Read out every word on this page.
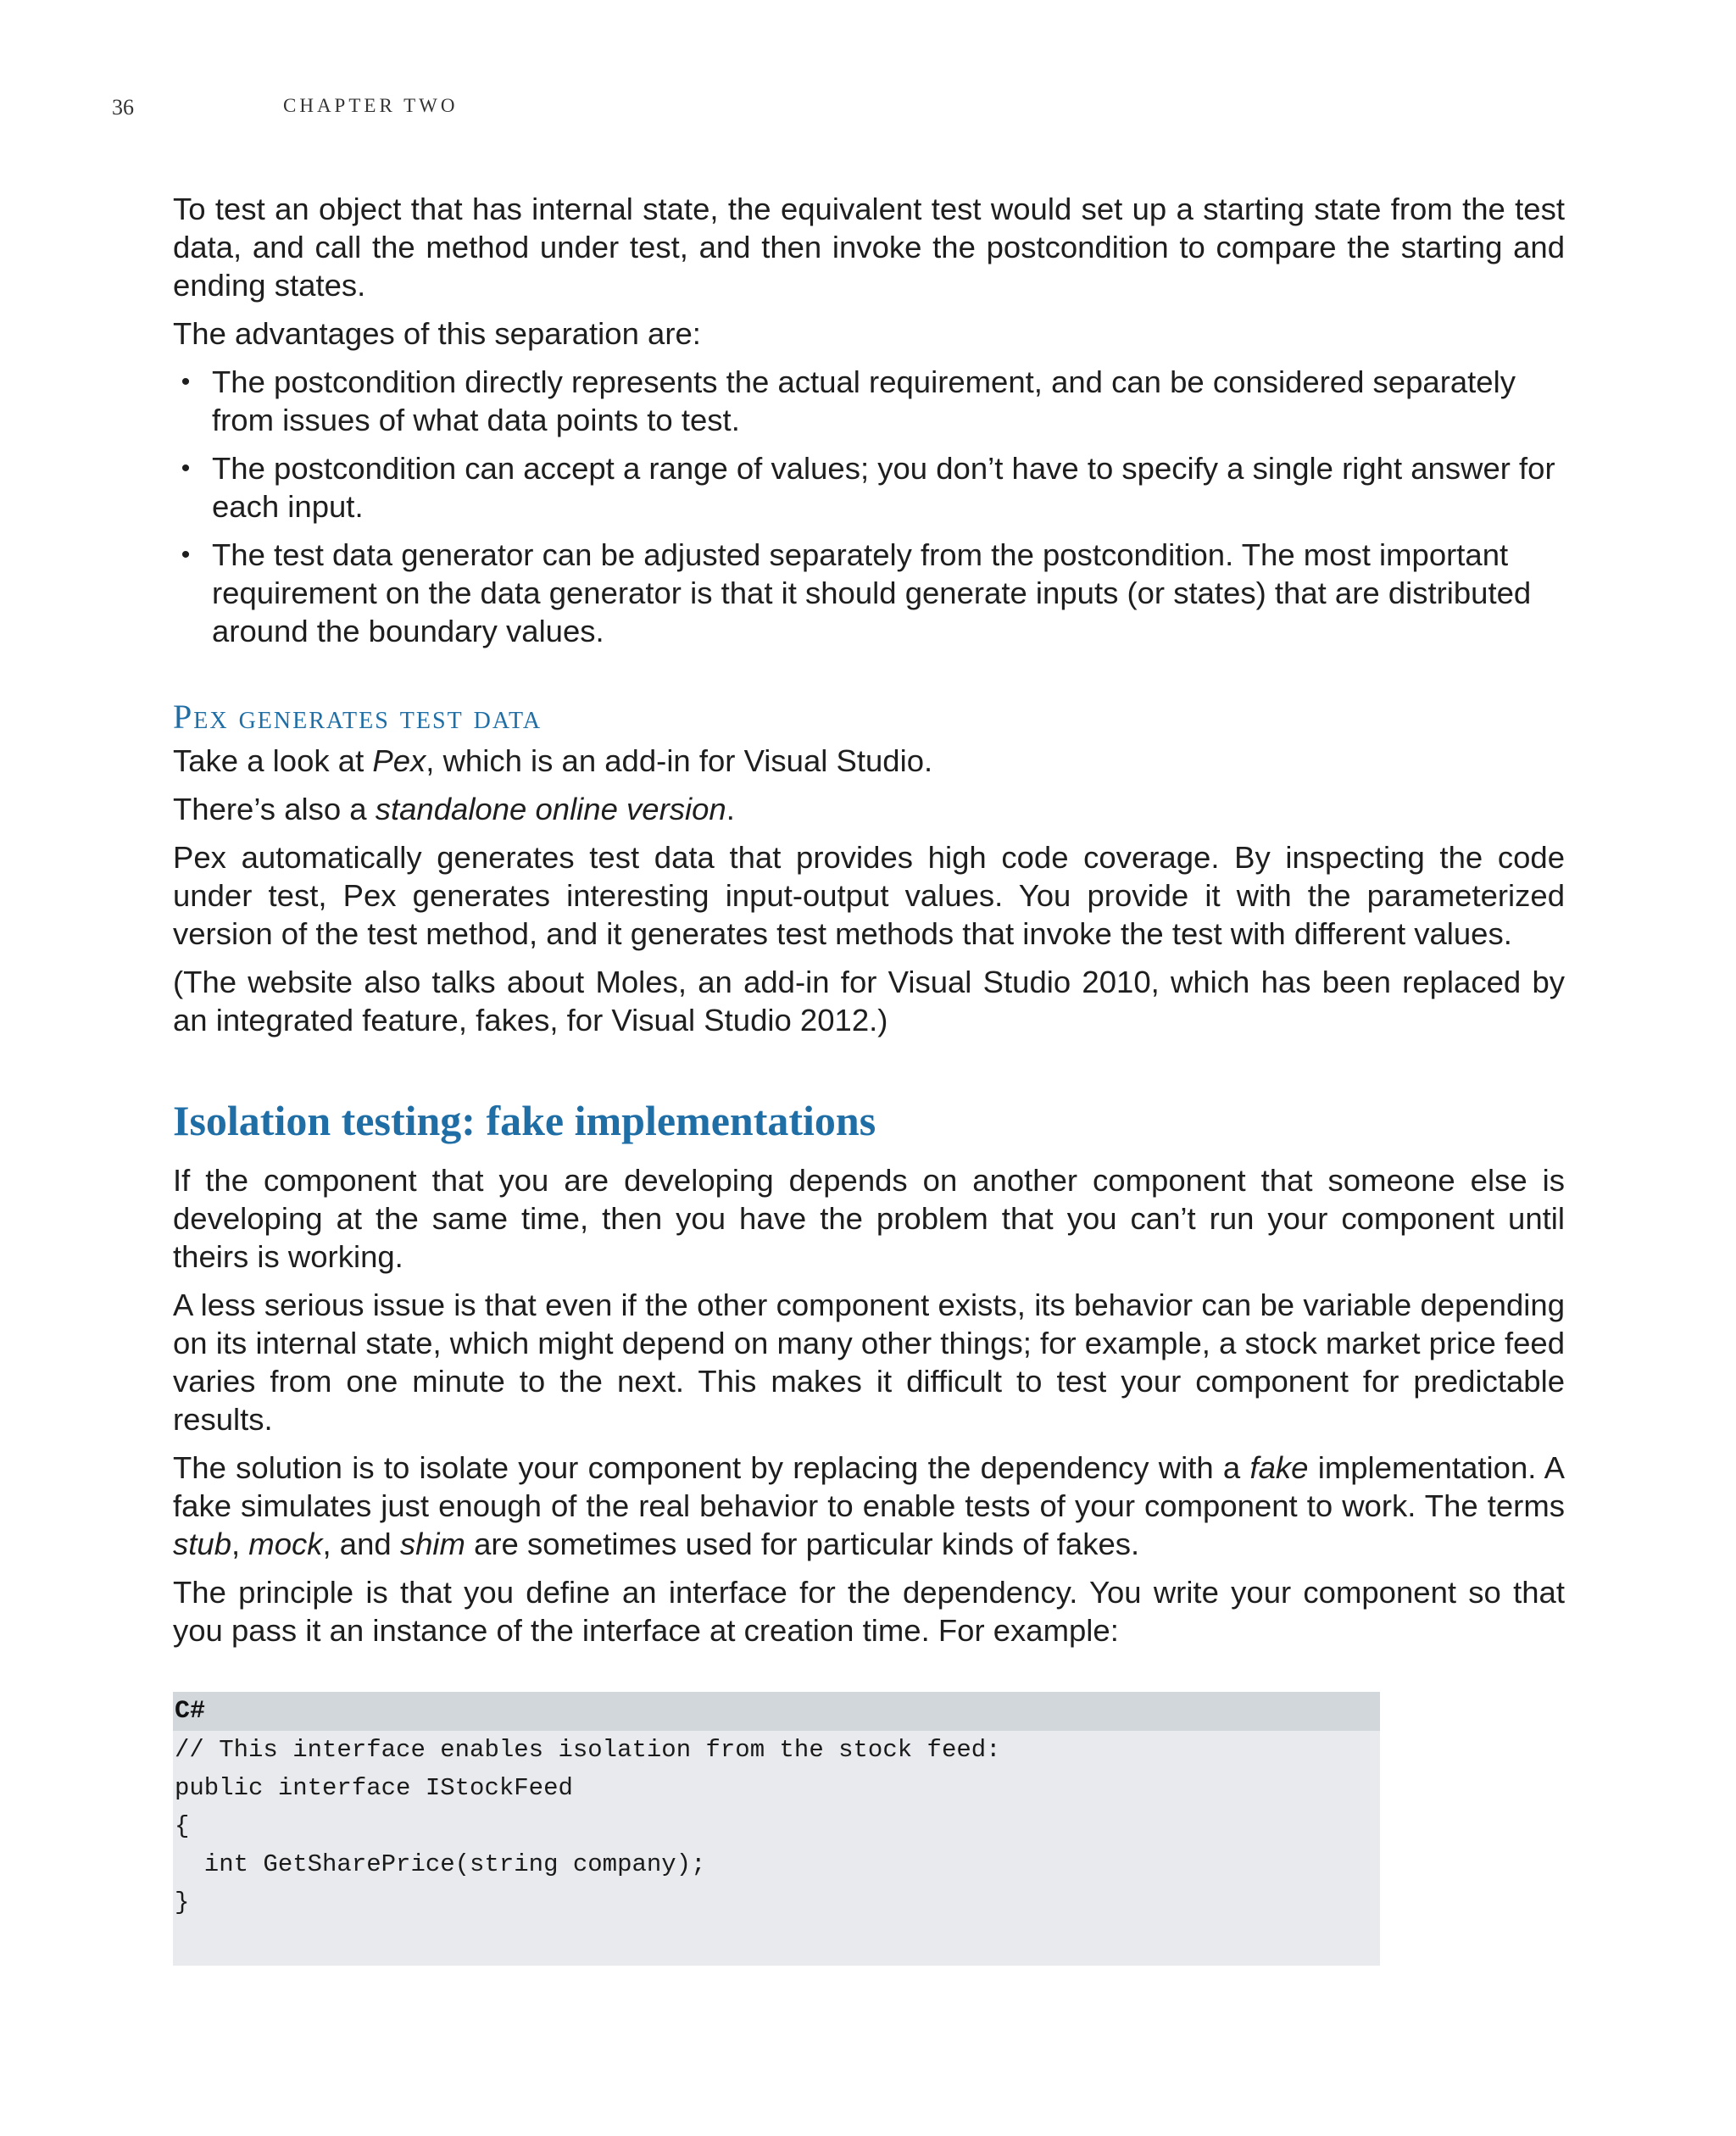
36	CHAPTER TWO

To test an object that has internal state, the equivalent test would set up a starting state from the test data, and call the method under test, and then invoke the postcondition to compare the starting and ending states.

The advantages of this separation are:

• The postcondition directly represents the actual requirement, and can be considered separately from issues of what data points to test.
• The postcondition can accept a range of values; you don’t have to specify a single right answer for each input.
• The test data generator can be adjusted separately from the postcondition. The most important requirement on the data generator is that it should generate inputs (or states) that are distributed around the boundary values.
Pex generates test data

Take a look at Pex, which is an add-in for Visual Studio.

There’s also a standalone online version.

Pex automatically generates test data that provides high code coverage. By inspecting the code under test, Pex generates interesting input-output values. You provide it with the parameterized version of the test method, and it generates test methods that invoke the test with different values.

(The website also talks about Moles, an add-in for Visual Studio 2010, which has been replaced by an integrated feature, fakes, for Visual Studio 2012.)

Isolation testing: fake implementations

If the component that you are developing depends on another component that someone else is developing at the same time, then you have the problem that you can’t run your component until theirs is working.

A less serious issue is that even if the other component exists, its behavior can be variable depending on its internal state, which might depend on many other things; for example, a stock market price feed varies from one minute to the next. This makes it difficult to test your component for predictable results.

The solution is to isolate your component by replacing the dependency with a fake implementation. A fake simulates just enough of the real behavior to enable tests of your component to work. The terms stub, mock, and shim are sometimes used for particular kinds of fakes.

The principle is that you define an interface for the dependency. You write your component so that you pass it an instance of the interface at creation time. For example:

C#
// This interface enables isolation from the stock feed:
public interface IStockFeed
{
int GetSharePrice(string company);
}
